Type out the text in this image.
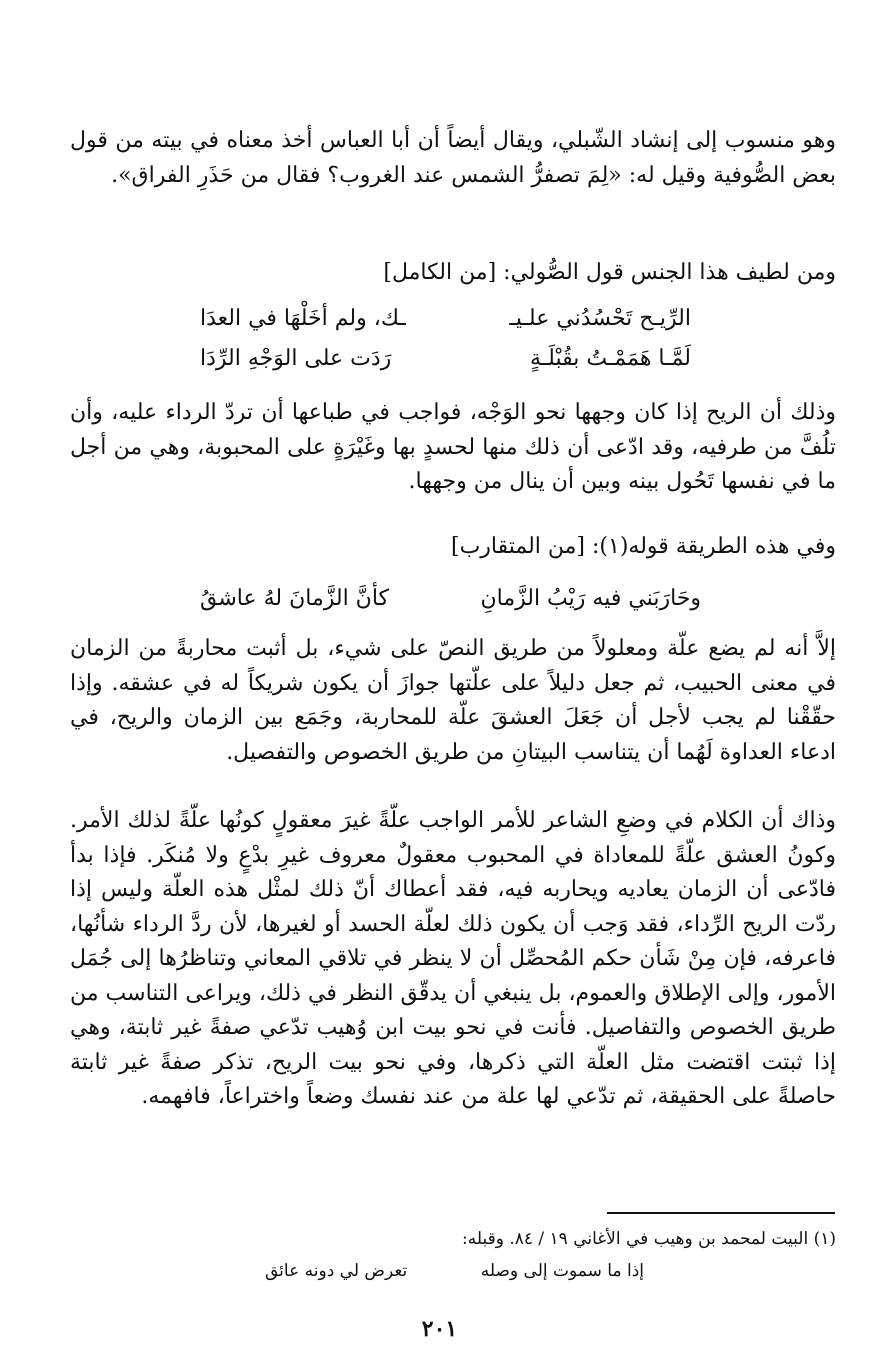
وهو منسوب إلى إنشاد الشّبلي، ويقال أيضاً أن أبا العباس أخذ معناه في بيته من قول بعض الصُّوفية وقيل له: «لِمَ تصفرُّ الشمس عند الغروب؟ فقال من حَذَرِ الفراق».

ومن لطيف هذا الجنس قول الصُّولي: [من الكامل]

الرِّيـح تَحْسُدُني علـيـ
ـك، ولم أخَلْهَا في العدَا
لَمَّـا هَمَمْـتُ بقُبْلَـةٍ
رَدَت على الوَجْهِ الرِّدَا

وذلك أن الريح إذا كان وجهها نحو الوَجْه، فواجب في طباعها أن تردّ الرداء عليه، وأن تلُفَّ من طرفيه، وقد ادّعى أن ذلك منها لحسدٍ بها وغَيْرَةٍ على المحبوبة، وهي من أجل ما في نفسها تَحُول بينه وبين أن ينال من وجهها.

وفي هذه الطريقة قوله(١): [من المتقارب]

وحَارَبَني فيه رَيْبُ الزَّمانِ
كأنَّ الزَّمانَ لهُ عاشقُ

إلاَّ أنه لم يضع علّة ومعلولاً من طريق النصّ على شيء، بل أثبت محاربةً من الزمان في معنى الحبيب، ثم جعل دليلاً على علّتها جوازَ أن يكون شريكاً له في عشقه. وإذا حقّقْنا لم يجب لأجل أن جَعَلَ العشقَ علّة للمحاربة، وجَمَع بين الزمان والريح، في ادعاء العداوة لَهُما أن يتناسب البيتانِ من طريق الخصوص والتفصيل.

وذاك أن الكلام في وضعِ الشاعر للأمر الواجب علّةً غيرَ معقولٍ كونُها علّةً لذلك الأمر. وكونُ العشق علّةً للمعاداة في المحبوب معقولٌ معروف غيرِ بدْعٍ ولا مُنكَر. فإذا بدأ فادّعى أن الزمان يعاديه ويحاربه فيه، فقد أعطاك أنّ ذلك لمثْل هذه العلّة وليس إذا ردّت الريح الرِّداء، فقد وَجب أن يكون ذلك لعلّة الحسد أو لغيرها، لأن ردَّ الرداء شأنُها، فاعرفه، فإن مِنْ شَأن حكم المُحصِّل أن لا ينظر في تلاقي المعاني وتناظرُها إلى جُمَل الأمور، وإلى الإطلاق والعموم، بل ينبغي أن يدقّق النظر في ذلك، ويراعى التناسب من طريق الخصوص والتفاصيل. فأنت في نحو بيت ابن وُهيب تدّعي صفةً غير ثابتة، وهي إذا ثبتت اقتضت مثل العلّة التي ذكرها، وفي نحو بيت الريح، تذكر صفةً غير ثابتة حاصلةً على الحقيقة، ثم تدّعي لها علة من عند نفسك وضعاً واختراعاً، فافهمه.

(١) البيت لمحمد بن وهيب في الأغاني ١٩ / ٨٤. وقبله:
إذا ما سموت إلى وصله
تعرض لي دونه عائق
٢٠١
